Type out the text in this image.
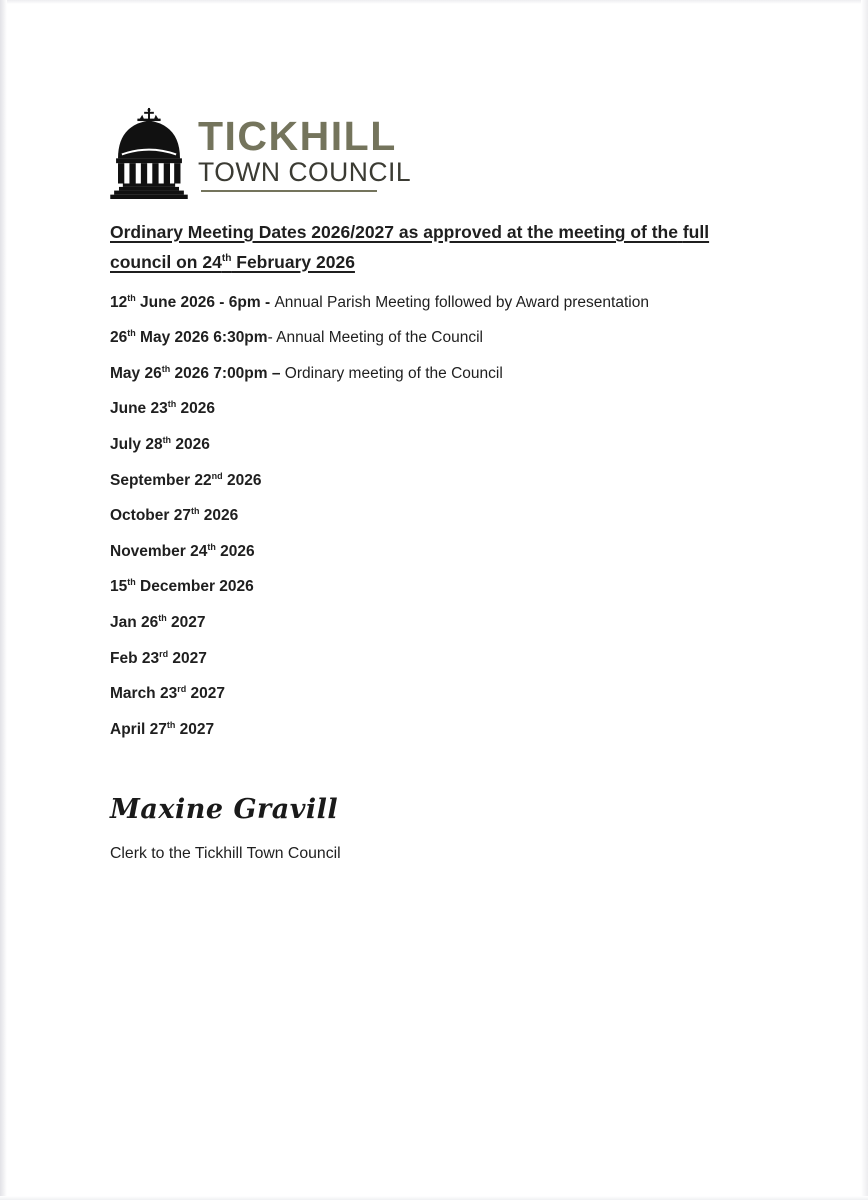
TICKHILL
TOWN COUNCIL
Ordinary Meeting Dates 2026/2027 as approved at the meeting of the full council on 24th February 2026
12th June 2026 - 6pm - Annual Parish Meeting followed by Award presentation
26th May 2026 6:30pm- Annual Meeting of the Council
May 26th 2026 7:00pm – Ordinary meeting of the Council
June 23th 2026
July 28th 2026
September 22nd 2026
October 27th 2026
November 24th 2026
15th December 2026
Jan 26th 2027
Feb 23rd 2027
March 23rd 2027
April 27th 2027
Maxine Gravill
Clerk to the Tickhill Town Council
